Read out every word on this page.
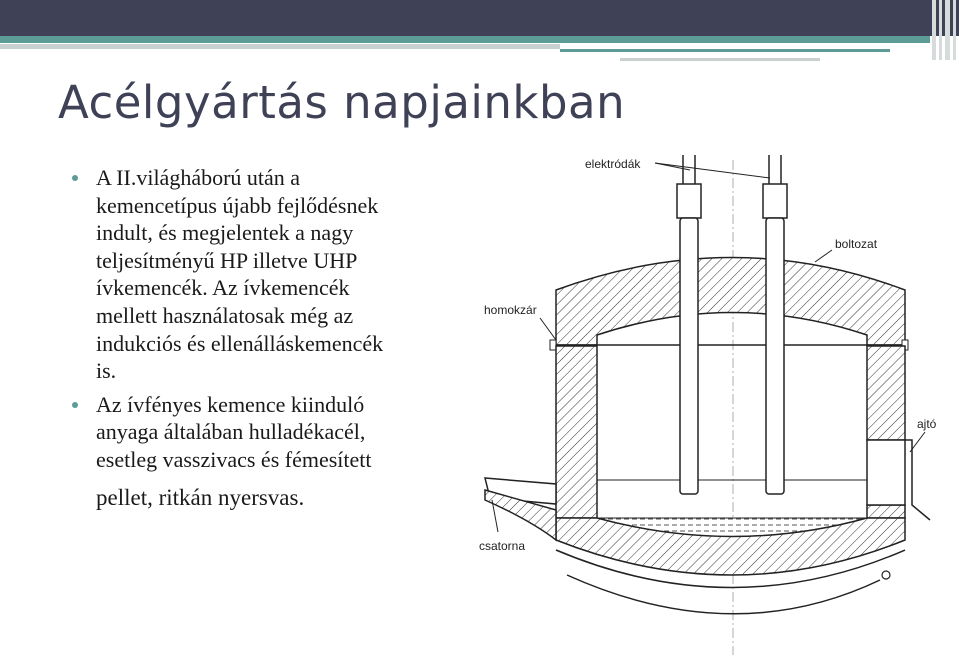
Acélgyártás napjainkban
A II.világháború után a
kemencetípus újabb fejlődésnek
indult, és megjelentek a nagy
teljesítményű HP illetve UHP
ívkemencék. Az ívkemencék
mellett használatosak még az
indukciós és ellenálláskemencék
is.
Az ívfényes kemence kiinduló
anyaga általában hulladékacél,
esetleg vasszivacs és fémesített
pellet, ritkán nyersvas.
elektródák
boltozat
homokzár
ajtó
csatorna
